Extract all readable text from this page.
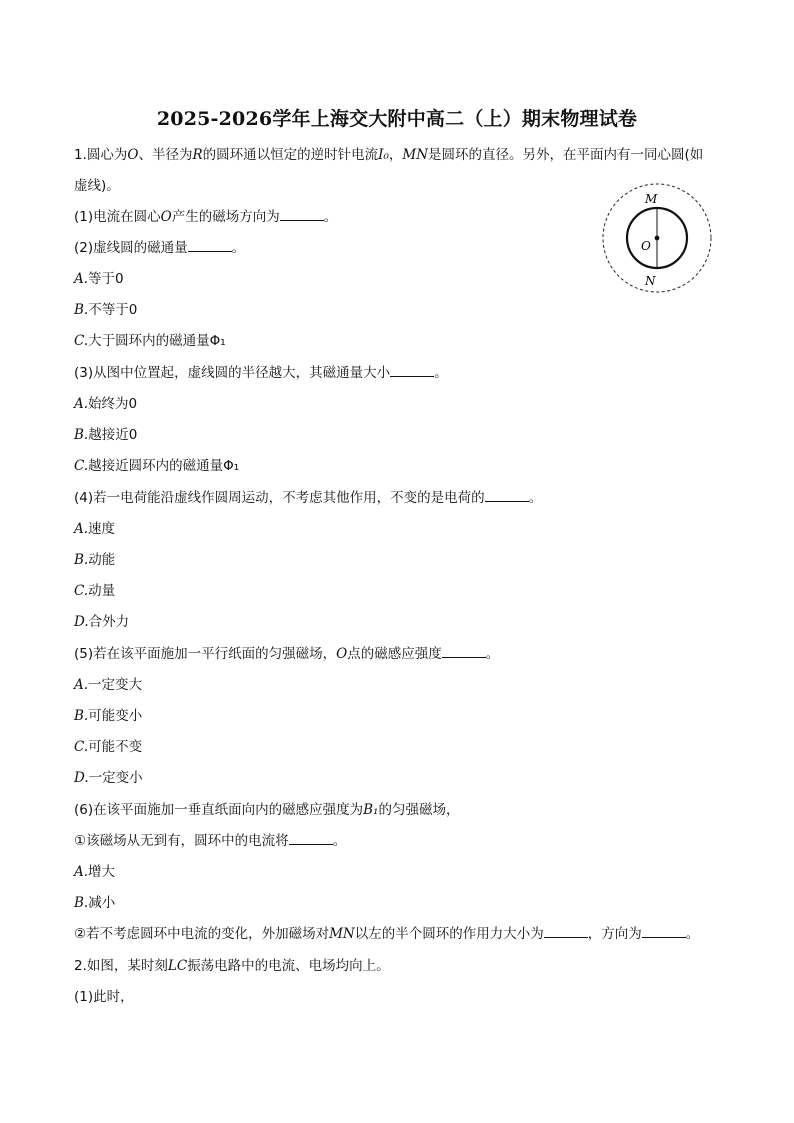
2025-2026学年上海交大附中高二（上）期末物理试卷
1.圆心为O、半径为R的圆环通以恒定的逆时针电流I₀，MN是圆环的直径。另外，在平面内有一同心圆(如
虚线)。
(1)电流在圆心O产生的磁场方向为	。
(2)虚线圆的磁通量	。
A.等于0
B.不等于0
C.大于圆环内的磁通量Φ₁
(3)从图中位置起，虚线圆的半径越大，其磁通量大小	。
A.始终为0
B.越接近0
C.越接近圆环内的磁通量Φ₁
(4)若一电荷能沿虚线作圆周运动，不考虑其他作用，不变的是电荷的	。
A.速度
B.动能
C.动量
D.合外力
(5)若在该平面施加一平行纸面的匀强磁场，O点的磁感应强度	。
A.一定变大
B.可能变小
C.可能不变
D.一定变小
(6)在该平面施加一垂直纸面向内的磁感应强度为B₁的匀强磁场，
①该磁场从无到有，圆环中的电流将	。
A.增大
B.减小
②若不考虑圆环中电流的变化，外加磁场对MN以左的半个圆环的作用力大小为	，方向为	。
2.如图，某时刻LC振荡电路中的电流、电场均向上。
(1)此时，
M
O
N
